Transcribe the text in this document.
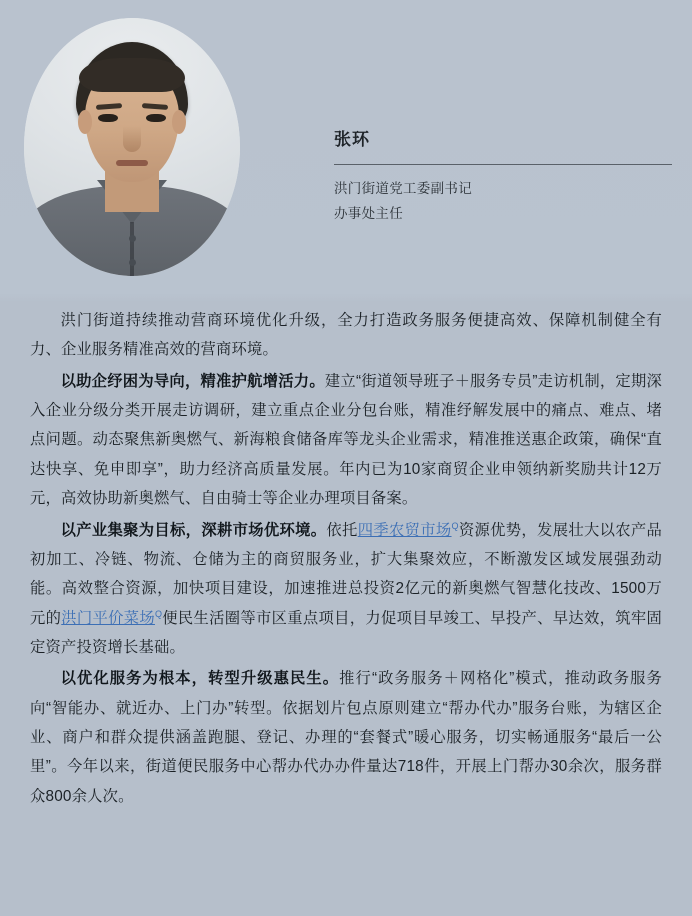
张环
洪门街道党工委副书记
办事处主任

洪门街道持续推动营商环境优化升级，全力打造政务服务便捷高效、保障机制健全有力、企业服务精准高效的营商环境。

以助企纾困为导向，精准护航增活力。建立“街道领导班子＋服务专员”走访机制，定期深入企业分级分类开展走访调研，建立重点企业分包台账，精准纾解发展中的痛点、难点、堵点问题。动态聚焦新奥燃气、新海粮食储备库等龙头企业需求，精准推送惠企政策，确保“直达快享、免申即享”，助力经济高质量发展。年内已为10家商贸企业申领纳新奖励共计12万元，高效协助新奥燃气、自由骑士等企业办理项目备案。

以产业集聚为目标，深耕市场优环境。依托四季农贸市场$^Q$资源优势，发展壮大以农产品初加工、冷链、物流、仓储为主的商贸服务业，扩大集聚效应，不断激发区域发展强劲动能。高效整合资源，加快项目建设，加速推进总投资2亿元的新奥燃气智慧化技改、1500万元的洪门平价菜场$^Q$便民生活圈等市区重点项目，力促项目早竣工、早投产、早达效，筑牢固定资产投资增长基础。

以优化服务为根本，转型升级惠民生。推行“政务服务＋网格化”模式，推动政务服务向“智能办、就近办、上门办”转型。依据划片包点原则建立“帮办代办”服务台账，为辖区企业、商户和群众提供涵盖跑腿、登记、办理的“套餐式”暖心服务，切实畅通服务“最后一公里”。今年以来，街道便民服务中心帮办代办办件量达718件，开展上门帮办30余次，服务群众800余人次。
